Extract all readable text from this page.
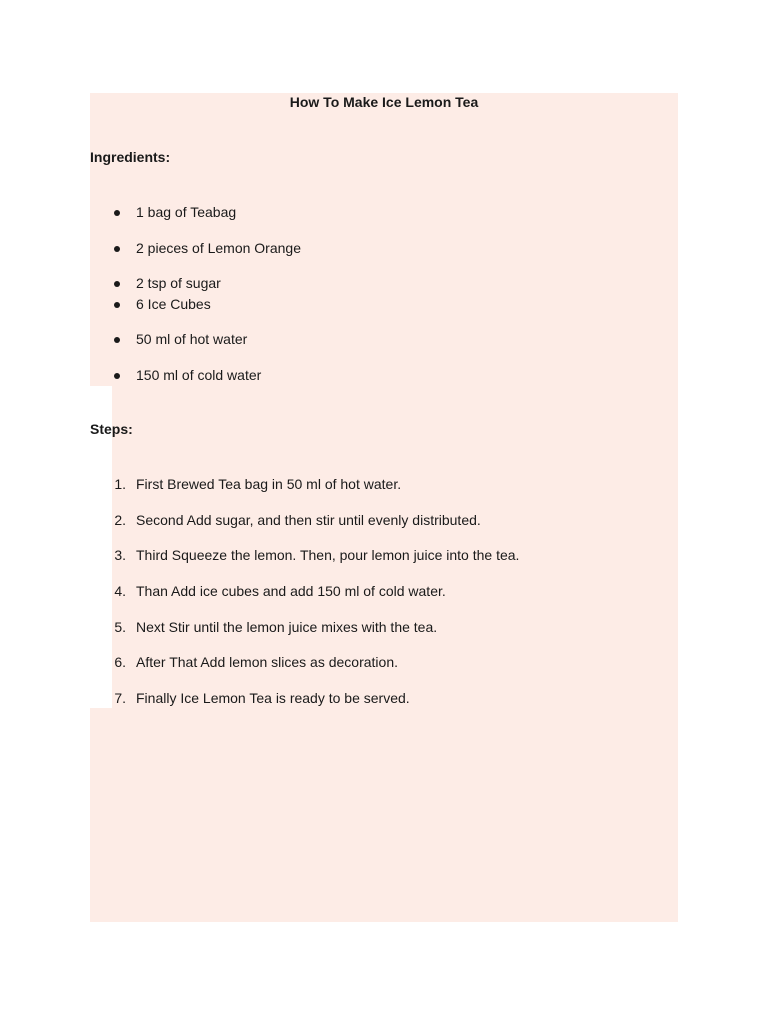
How To Make Ice Lemon Tea
Ingredients:
1 bag of Teabag
2 pieces of Lemon Orange
2 tsp of sugar
6 Ice Cubes
50 ml of hot water
150 ml of cold water
Steps:
1. First Brewed Tea bag in 50 ml of hot water.
2. Second Add sugar, and then stir until evenly distributed.
3. Third Squeeze the lemon. Then, pour lemon juice into the tea.
4. Than Add ice cubes and add 150 ml of cold water.
5. Next Stir until the lemon juice mixes with the tea.
6. After That Add lemon slices as decoration.
7. Finally Ice Lemon Tea is ready to be served.
